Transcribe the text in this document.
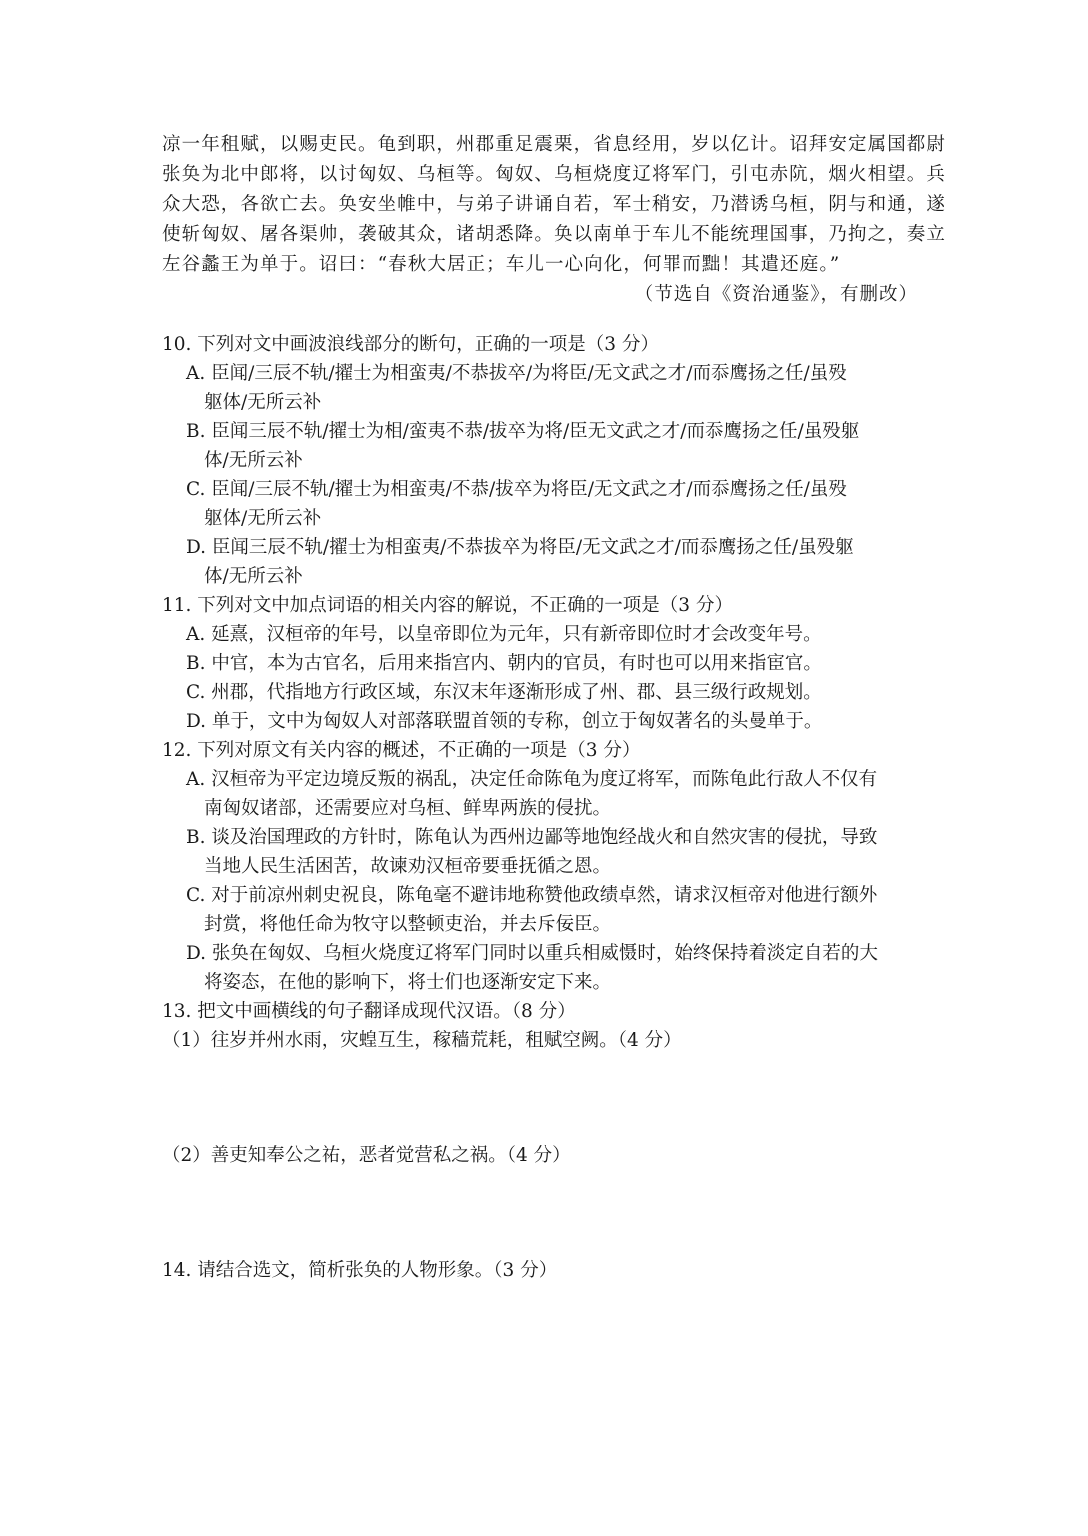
凉一年租赋，以赐吏民。龟到职，州郡重足震栗，省息经用，岁以亿计。诏拜安定属国都尉
张奂为北中郎将，以讨匈奴、乌桓等。匈奴、乌桓烧度辽将军门，引屯赤阬，烟火相望。兵
众大恐，各欲亡去。奂安坐帷中，与弟子讲诵自若，军士稍安，乃潜诱乌桓，阴与和通，遂
使斩匈奴、屠各渠帅，袭破其众，诸胡悉降。奂以南单于车儿不能统理国事，乃拘之，奏立
左谷蠡王为单于。诏曰：“春秋大居正；车儿一心向化，何罪而黜！其遣还庭。”
（节选自《资治通鉴》，有删改）
10. 下列对文中画波浪线部分的断句，正确的一项是（3 分）
A. 臣闻/三辰不轨/擢士为相蛮夷/不恭拔卒/为将臣/无文武之才/而忝鹰扬之任/虽殁
躯体/无所云补
B. 臣闻三辰不轨/擢士为相/蛮夷不恭/拔卒为将/臣无文武之才/而忝鹰扬之任/虽殁躯
体/无所云补
C. 臣闻/三辰不轨/擢士为相蛮夷/不恭/拔卒为将臣/无文武之才/而忝鹰扬之任/虽殁
躯体/无所云补
D. 臣闻三辰不轨/擢士为相蛮夷/不恭拔卒为将臣/无文武之才/而忝鹰扬之任/虽殁躯
体/无所云补
11. 下列对文中加点词语的相关内容的解说，不正确的一项是（3 分）
A. 延熹，汉桓帝的年号，以皇帝即位为元年，只有新帝即位时才会改变年号。
B. 中官，本为古官名，后用来指宫内、朝内的官员，有时也可以用来指宦官。
C. 州郡，代指地方行政区域，东汉末年逐渐形成了州、郡、县三级行政规划。
D. 单于，文中为匈奴人对部落联盟首领的专称，创立于匈奴著名的头曼单于。
12. 下列对原文有关内容的概述，不正确的一项是（3 分）
A. 汉桓帝为平定边境反叛的祸乱，决定任命陈龟为度辽将军，而陈龟此行敌人不仅有
南匈奴诸部，还需要应对乌桓、鲜卑两族的侵扰。
B. 谈及治国理政的方针时，陈龟认为西州边鄙等地饱经战火和自然灾害的侵扰，导致
当地人民生活困苦，故谏劝汉桓帝要垂抚循之恩。
C. 对于前凉州刺史祝良，陈龟毫不避讳地称赞他政绩卓然，请求汉桓帝对他进行额外
封赏，将他任命为牧守以整顿吏治，并去斥佞臣。
D. 张奂在匈奴、乌桓火烧度辽将军门同时以重兵相威慑时，始终保持着淡定自若的大
将姿态，在他的影响下，将士们也逐渐安定下来。
13. 把文中画横线的句子翻译成现代汉语。（8 分）
（1）往岁并州水雨，灾蝗互生，稼穑荒耗，租赋空阙。（4 分）
（2）善吏知奉公之祐，恶者觉营私之祸。（4 分）
14. 请结合选文，简析张奂的人物形象。（3 分）
